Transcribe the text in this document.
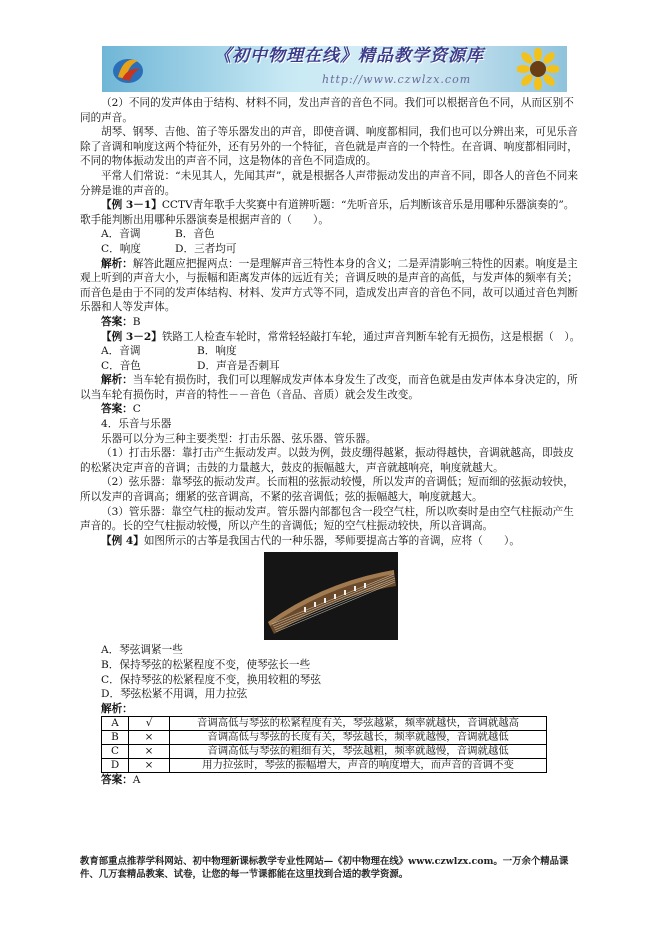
《初中物理在线》精品教学资源库
http://www.czwlzx.com

（2）不同的发声体由于结构、材料不同，发出声音的音色不同。我们可以根据音色不同，从而区别不同的声音。

胡琴、钢琴、吉他、笛子等乐器发出的声音，即使音调、响度都相同，我们也可以分辨出来，可见乐音除了音调和响度这两个特征外，还有另外的一个特征，音色就是声音的一个特性。在音调、响度都相同时，不同的物体振动发出的声音不同，这是物体的音色不同造成的。

平常人们常说：“未见其人，先闻其声”，就是根据各人声带振动发出的声音不同，即各人的音色不同来分辨是谁的声音的。

【例 3－1】CCTV青年歌手大奖赛中有道辨听题：“先听音乐，后判断该音乐是用哪种乐器演奏的”。歌手能判断出用哪种乐器演奏是根据声音的（　　）。

A．音调	B．音色
C．响度	D．三者均可

解析：解答此题应把握两点：一是理解声音三特性本身的含义；二是弄清影响三特性的因素。响度是主观上听到的声音大小，与振幅和距离发声体的远近有关；音调反映的是声音的高低，与发声体的频率有关；而音色是由于不同的发声体结构、材料、发声方式等不同，造成发出声音的音色不同，故可以通过音色判断乐器和人等发声体。

答案：B

【例 3－2】铁路工人检查车轮时，常常轻轻敲打车轮，通过声音判断车轮有无损伤，这是根据（　）。

A．音调	B．响度
C．音色	D．声音是否刺耳

解析：当车轮有损伤时，我们可以理解成发声体本身发生了改变，而音色就是由发声体本身决定的，所以当车轮有损伤时，声音的特性－－音色（音品、音质）就会发生改变。

答案：C

4．乐音与乐器

乐器可以分为三种主要类型：打击乐器、弦乐器、管乐器。

（1）打击乐器：靠打击产生振动发声。以鼓为例，鼓皮绷得越紧，振动得越快，音调就越高，即鼓皮的松紧决定声音的音调；击鼓的力量越大，鼓皮的振幅越大，声音就越响亮，响度就越大。

（2）弦乐器：靠琴弦的振动发声。长而粗的弦振动较慢，所以发声的音调低；短而细的弦振动较快，所以发声的音调高；绷紧的弦音调高，不紧的弦音调低；弦的振幅越大，响度就越大。

（3）管乐器：靠空气柱的振动发声。管乐器内部都包含一段空气柱，所以吹奏时是由空气柱振动产生声音的。长的空气柱振动较慢，所以产生的音调低；短的空气柱振动较快，所以音调高。

【例 4】如图所示的古筝是我国古代的一种乐器，琴师要提高古筝的音调，应将（　　）。

A．琴弦调紧一些

B．保持琴弦的松紧程度不变，使琴弦长一些

C．保持琴弦的松紧程度不变，换用较粗的琴弦

D．琴弦松紧不用调，用力拉弦

解析：

A	√	音调高低与琴弦的松紧程度有关，琴弦越紧，频率就越快，音调就越高
B	×	音调高低与琴弦的长度有关，琴弦越长，频率就越慢，音调就越低
C	×	音调高低与琴弦的粗细有关，琴弦越粗，频率就越慢，音调就越低
D	×	用力拉弦时，琴弦的振幅增大，声音的响度增大，而声音的音调不变

答案：A

教育部重点推荐学科网站、初中物理新课标教学专业性网站—《初中物理在线》www.czwlzx.com。一万余个精品课件、几万套精品教案、试卷，让您的每一节课都能在这里找到合适的教学资源。
